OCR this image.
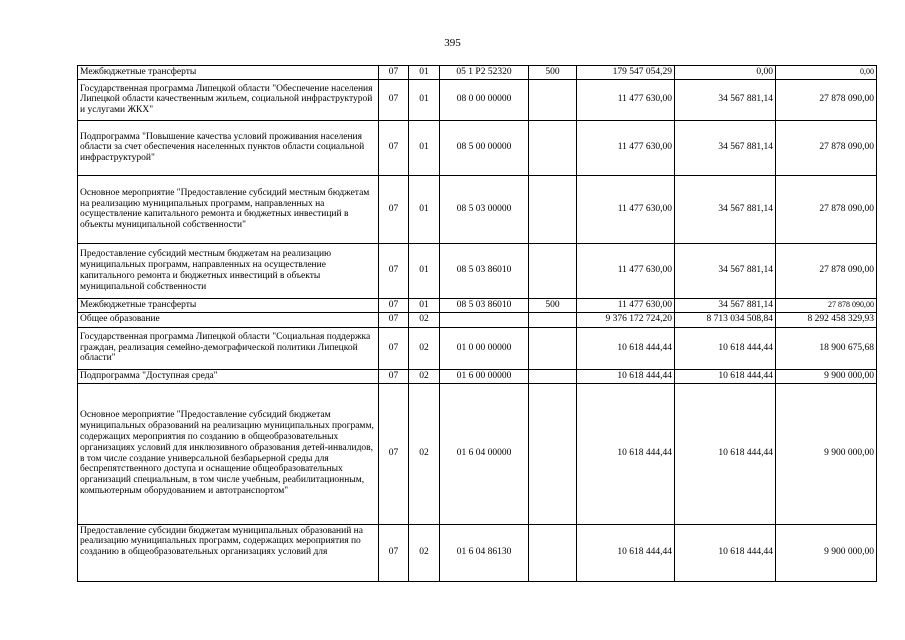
395
Межбюджетные трансферты	07	01	05 1 P2 52320	500	179 547 054,29	0,00	0,00
Государственная программа Липецкой области "Обеспечение населения Липецкой области качественным жильем, социальной инфраструктурой и услугами ЖКХ"	07	01	08 0 00 00000		11 477 630,00	34 567 881,14	27 878 090,00
Подпрограмма "Повышение качества условий проживания населения области за счет обеспечения населенных пунктов области социальной инфраструктурой"	07	01	08 5 00 00000		11 477 630,00	34 567 881,14	27 878 090,00
Основное мероприятие "Предоставление субсидий местным бюджетам на реализацию муниципальных программ, направленных на осуществление капитального ремонта и бюджетных инвестиций в объекты муниципальной собственности"	07	01	08 5 03 00000		11 477 630,00	34 567 881,14	27 878 090,00
Предоставление субсидий местным бюджетам на реализацию муниципальных программ, направленных на осуществление капитального ремонта и бюджетных инвестиций в объекты муниципальной собственности	07	01	08 5 03 86010		11 477 630,00	34 567 881,14	27 878 090,00
Межбюджетные трансферты	07	01	08 5 03 86010	500	11 477 630,00	34 567 881,14	27 878 090,00
Общее образование	07	02			9 376 172 724,20	8 713 034 508,84	8 292 458 329,93
Государственная программа Липецкой области "Социальная поддержка граждан, реализация семейно-демографической политики Липецкой области"	07	02	01 0 00 00000		10 618 444,44	10 618 444,44	18 900 675,68
Подпрограмма "Доступная среда"	07	02	01 6 00 00000		10 618 444,44	10 618 444,44	9 900 000,00
Основное мероприятие "Предоставление субсидий бюджетам муниципальных образований на реализацию муниципальных программ, содержащих мероприятия по созданию в общеобразовательных организациях условий для инклюзивного образования детей-инвалидов, в том числе создание универсальной безбарьерной среды для беспрепятственного доступа и оснащение общеобразовательных организаций специальным, в том числе учебным, реабилитационным, компьютерным оборудованием и автотранспортом"	07	02	01 6 04 00000		10 618 444,44	10 618 444,44	9 900 000,00

Предоставление субсидии бюджетам муниципальных образований на реализацию муниципальных программ, содержащих мероприятия по созданию в общеобразовательных организациях условий для	07	02	01 6 04 86130		10 618 444,44	10 618 444,44	9 900 000,00
